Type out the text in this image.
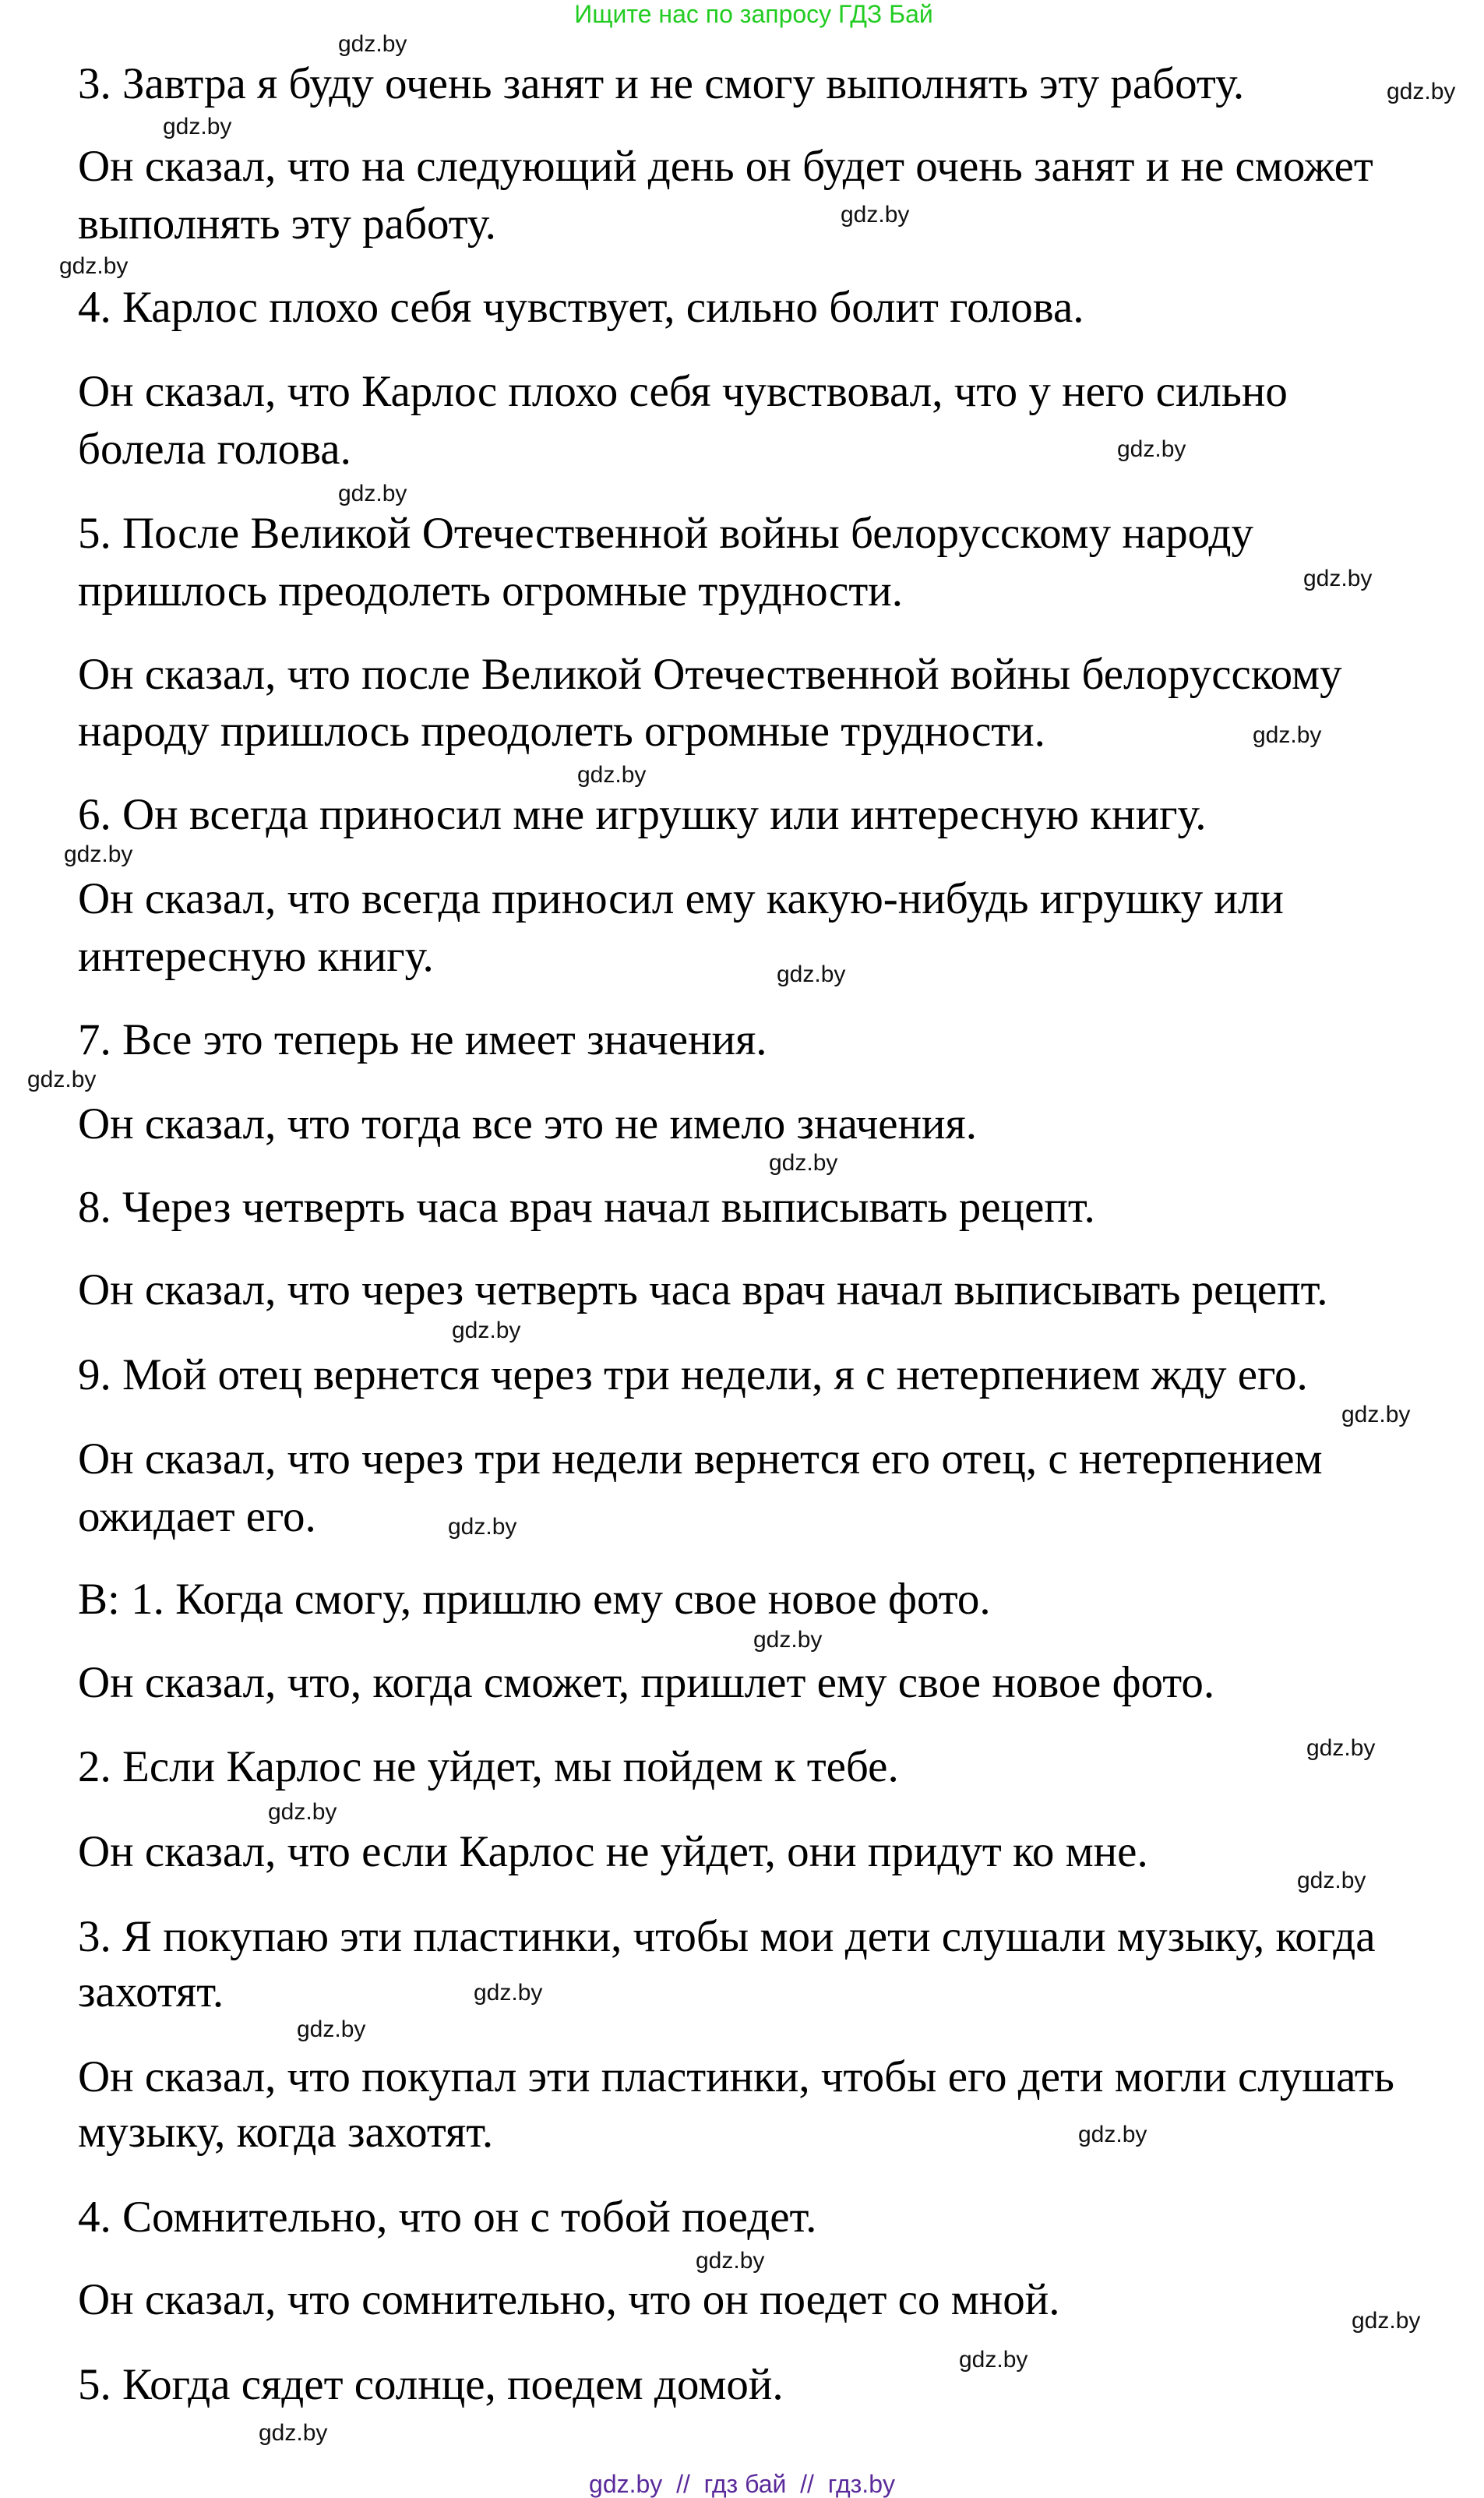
Ищите нас по запросу ГДЗ Бай
3. Завтра я буду очень занят и не смогу выполнять эту работу.
Он сказал, что на следующий день он будет очень занят и не сможет
выполнять эту работу.
4. Карлос плохо себя чувствует, сильно болит голова.
Он сказал, что Карлос плохо себя чувствовал, что у него сильно
болела голова.
5. После Великой Отечественной войны белорусскому народу
пришлось преодолеть огромные трудности.
Он сказал, что после Великой Отечественной войны белорусскому
народу пришлось преодолеть огромные трудности.
6. Он всегда приносил мне игрушку или интересную книгу.
Он сказал, что всегда приносил ему какую-нибудь игрушку или
интересную книгу.
7. Все это теперь не имеет значения.
Он сказал, что тогда все это не имело значения.
8. Через четверть часа врач начал выписывать рецепт.
Он сказал, что через четверть часа врач начал выписывать рецепт.
9. Мой отец вернется через три недели, я с нетерпением жду его.
Он сказал, что через три недели вернется его отец, с нетерпением
ожидает его.
В: 1. Когда смогу, пришлю ему свое новое фото.
Он сказал, что, когда сможет, пришлет ему свое новое фото.
2. Если Карлос не уйдет, мы пойдем к тебе.
Он сказал, что если Карлос не уйдет, они придут ко мне.
3. Я покупаю эти пластинки, чтобы мои дети слушали музыку, когда
захотят.
Он сказал, что покупал эти пластинки, чтобы его дети могли слушать
музыку, когда захотят.
4. Сомнительно, что он с тобой поедет.
Он сказал, что сомнительно, что он поедет со мной.
5. Когда сядет солнце, поедем домой.
gdz.by
gdz.by
gdz.by
gdz.by
gdz.by
gdz.by
gdz.by
gdz.by
gdz.by
gdz.by
gdz.by
gdz.by
gdz.by
gdz.by
gdz.by
gdz.by
gdz.by
gdz.by
gdz.by
gdz.by
gdz.by
gdz.by
gdz.by
gdz.by
gdz.by
gdz.by
gdz.by
gdz.by
gdz.by  //  гдз бай  //  гдз.by
